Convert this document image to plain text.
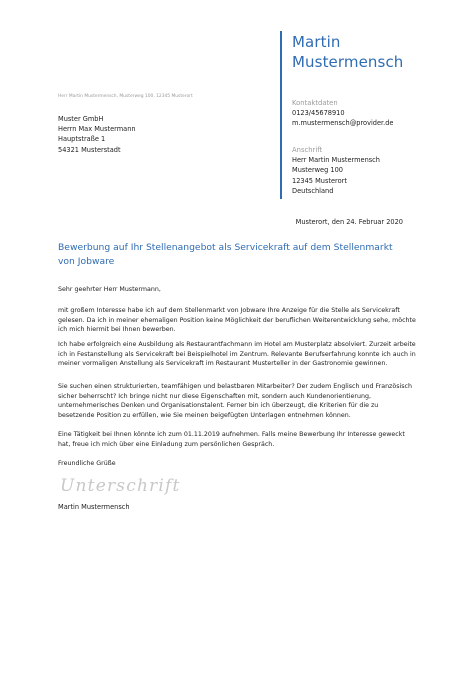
Martin
Mustermensch
Kontaktdaten
0123/45678910
m.mustermensch@provider.de
Anschrift
Herr Martin Mustermensch
Musterweg 100
12345 Musterort
Deutschland
Herr Martin Mustermensch, Musterweg 100, 12345 Musterort
Muster GmbH
Herrn Max Mustermann
Hauptstraße 1
54321 Musterstadt
Musterort, den 24. Februar 2020
Bewerbung auf Ihr Stellenangebot als Servicekraft auf dem Stellenmarkt von Jobware
Sehr geehrter Herr Mustermann,
mit großem Interesse habe ich auf dem Stellenmarkt von Jobware Ihre Anzeige für die Stelle als Servicekraft gelesen. Da ich in meiner ehemaligen Position keine Möglichkeit der beruflichen Weiterentwicklung sehe, möchte ich mich hiermit bei Ihnen bewerben.
Ich habe erfolgreich eine Ausbildung als Restaurantfachmann im Hotel am Musterplatz absolviert. Zurzeit arbeite ich in Festanstellung als Servicekraft bei Beispielhotel im Zentrum. Relevante Berufserfahrung konnte ich auch in meiner vormaligen Anstellung als Servicekraft im Restaurant Musterteller in der Gastronomie gewinnen.
Sie suchen einen strukturierten, teamfähigen und belastbaren Mitarbeiter? Der zudem Englisch und Französisch sicher beherrscht? Ich bringe nicht nur diese Eigenschaften mit, sondern auch Kundenorientierung, unternehmerisches Denken und Organisationstalent. Ferner bin ich überzeugt, die Kriterien für die zu besetzende Position zu erfüllen, wie Sie meinen beigefügten Unterlagen entnehmen können.
Eine Tätigkeit bei Ihnen könnte ich zum 01.11.2019 aufnehmen. Falls meine Bewerbung Ihr Interesse geweckt hat, freue ich mich über eine Einladung zum persönlichen Gespräch.
Freundliche Grüße
Unterschrift
Martin Mustermensch
